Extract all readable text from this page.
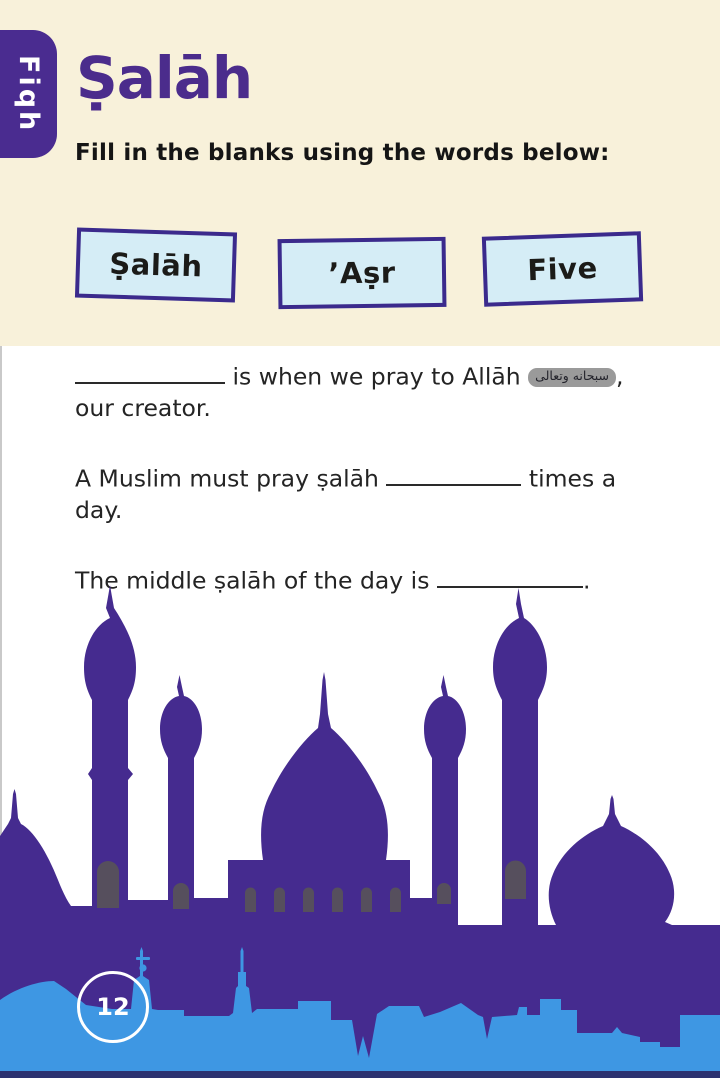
Fiqh Ṣalāh
Fill in the blanks using the words below:
Ṣalāh	’Aṣr	Five

is when we pray to Allāh سبحانه وتعالى ,
our creator.

A Muslim must pray ṣalāh	times a
day.

The middle ṣalāh of the day is	.

12
